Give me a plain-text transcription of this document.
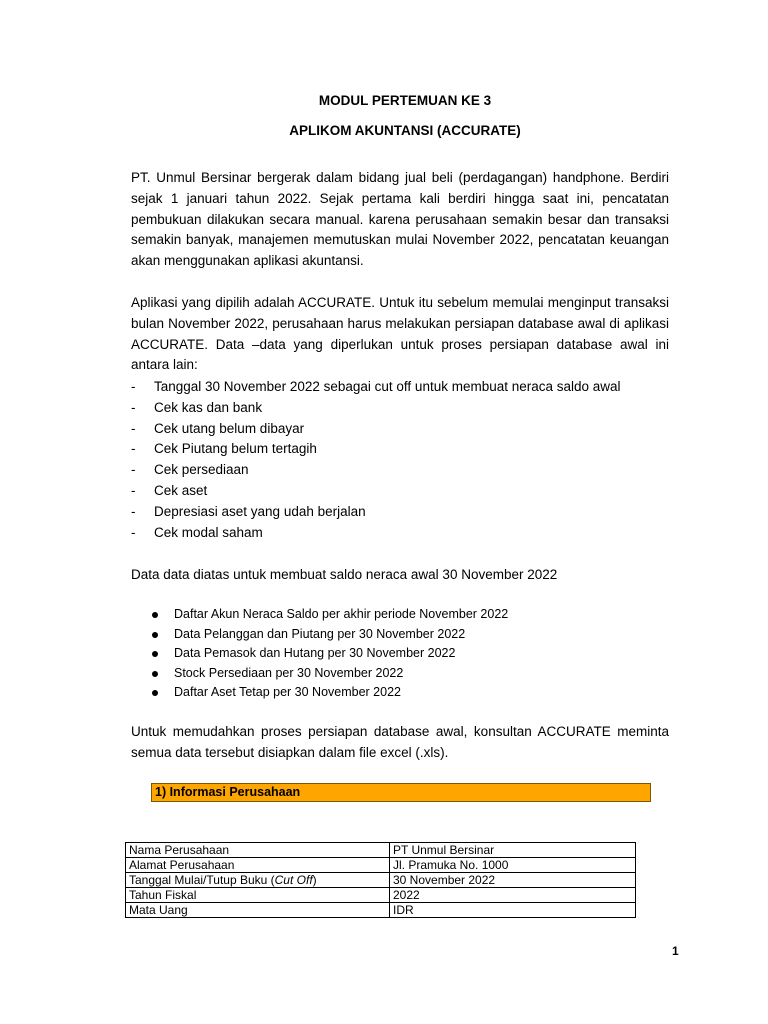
MODUL PERTEMUAN KE 3
APLIKOM AKUNTANSI (ACCURATE)

PT. Unmul Bersinar bergerak dalam bidang jual beli (perdagangan) handphone. Berdiri sejak 1 januari tahun 2022. Sejak pertama kali berdiri hingga saat ini, pencatatan pembukuan dilakukan secara manual. karena perusahaan semakin besar dan transaksi semakin banyak, manajemen memutuskan mulai November 2022, pencatatan keuangan akan menggunakan aplikasi akuntansi.

Aplikasi yang dipilih adalah ACCURATE. Untuk itu sebelum memulai menginput transaksi bulan November 2022, perusahaan harus melakukan persiapan database awal di aplikasi ACCURATE. Data –data yang diperlukan untuk proses persiapan database awal ini antara lain:

- Tanggal 30 November 2022 sebagai cut off untuk membuat neraca saldo awal
- Cek kas dan bank
- Cek utang belum dibayar
- Cek Piutang belum tertagih
- Cek persediaan
- Cek aset
- Depresiasi aset yang udah berjalan
- Cek modal saham

Data data diatas untuk membuat saldo neraca awal 30 November 2022

Daftar Akun Neraca Saldo per akhir periode November 2022
Data Pelanggan dan Piutang per 30 November 2022
Data Pemasok dan Hutang per 30 November 2022
Stock Persediaan per 30 November 2022
Daftar Aset Tetap per 30 November 2022

Untuk memudahkan proses persiapan database awal, konsultan ACCURATE meminta semua data tersebut disiapkan dalam file excel (.xls).

1) Informasi Perusahaan
Nama Perusahaan	PT Unmul Bersinar
Alamat Perusahaan	Jl. Pramuka No. 1000
Tanggal Mulai/Tutup Buku (Cut Off)	30 November 2022
Tahun Fiskal	2022
Mata Uang	IDR
1
